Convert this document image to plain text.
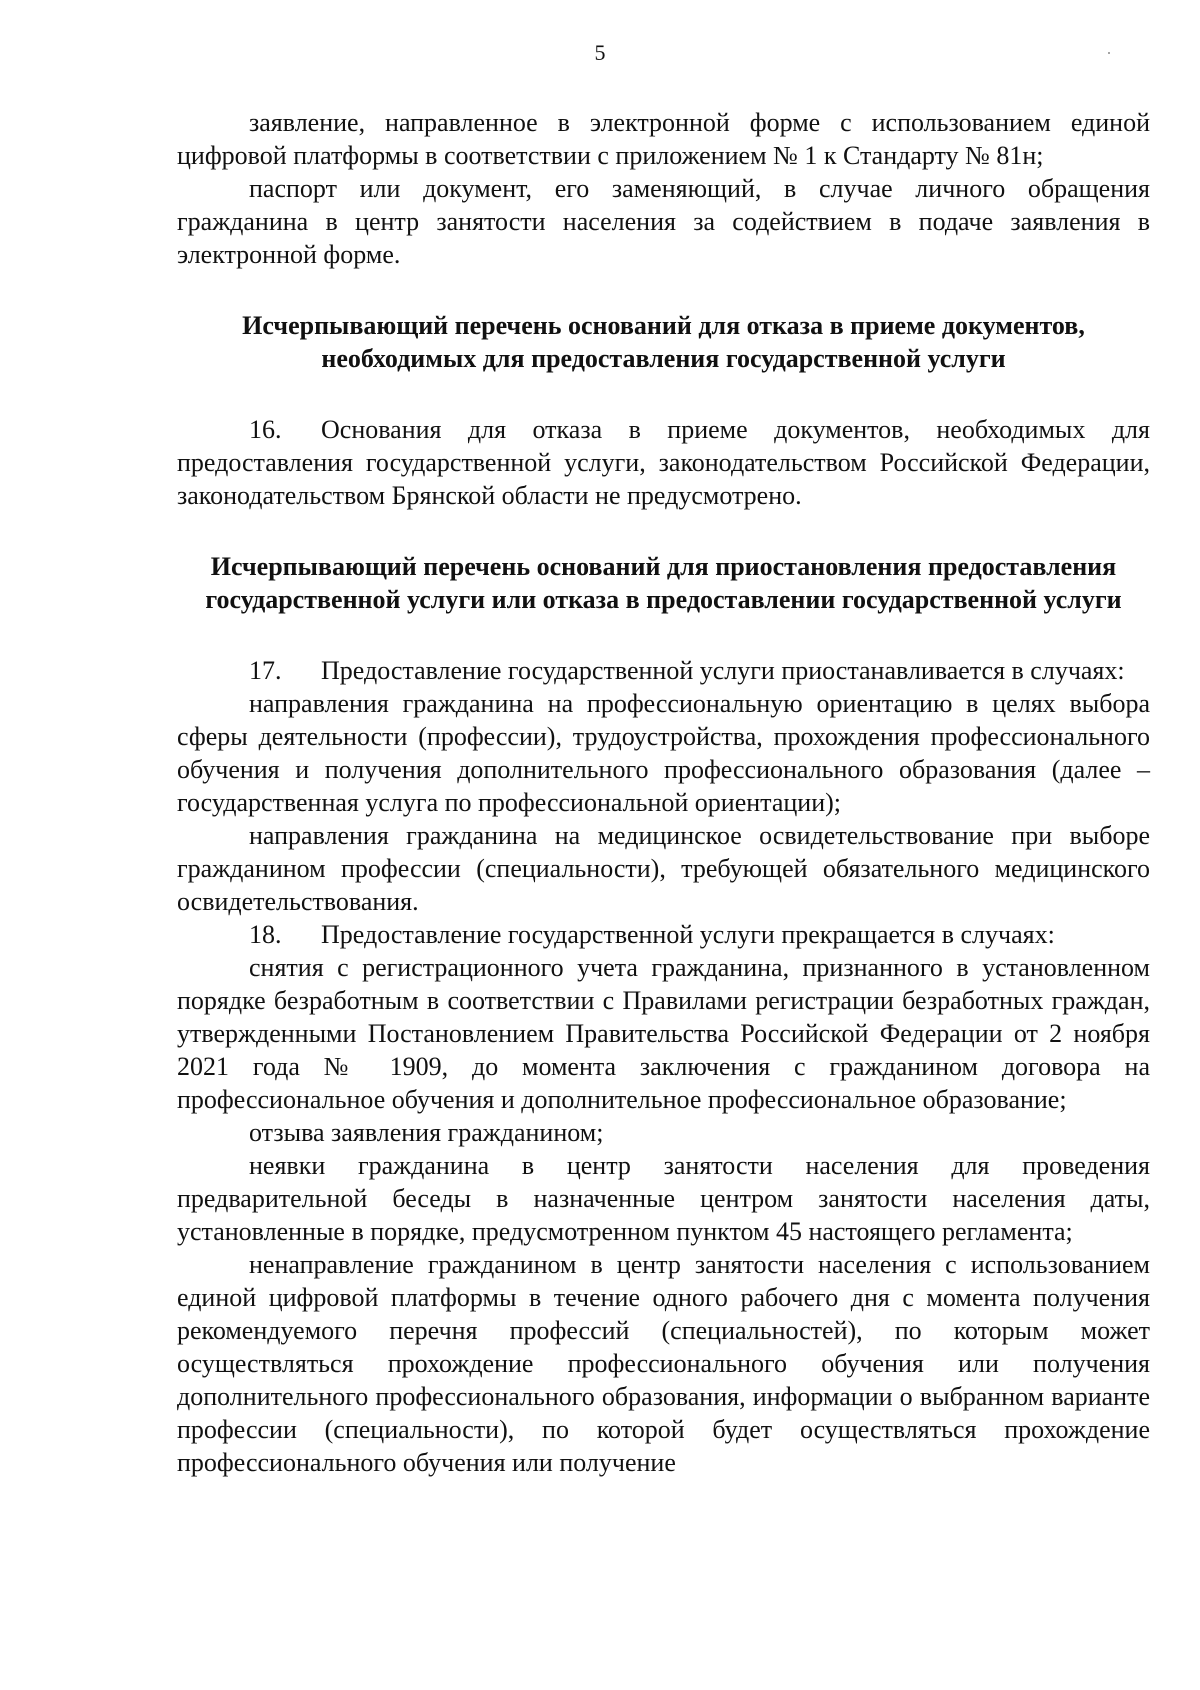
5

заявление, направленное в электронной форме с использованием единой цифровой платформы в соответствии с приложением № 1 к Стандарту № 81н;

паспорт или документ, его заменяющий, в случае личного обращения гражданина в центр занятости населения за содействием в подаче заявления в электронной форме.

Исчерпывающий перечень оснований для отказа в приеме документов, необходимых для предоставления государственной услуги

16. Основания для отказа в приеме документов, необходимых для предоставления государственной услуги, законодательством Российской Федерации, законодательством Брянской области не предусмотрено.

Исчерпывающий перечень оснований для приостановления предоставления государственной услуги или отказа в предоставлении государственной услуги

17. Предоставление государственной услуги приостанавливается в случаях:

направления гражданина на профессиональную ориентацию в целях выбора сферы деятельности (профессии), трудоустройства, прохождения профессионального обучения и получения дополнительного профессионального образования (далее – государственная услуга по профессиональной ориентации);

направления гражданина на медицинское освидетельствование при выборе гражданином профессии (специальности), требующей обязательного медицинского освидетельствования.

18. Предоставление государственной услуги прекращается в случаях:

снятия с регистрационного учета гражданина, признанного в установленном порядке безработным в соответствии с Правилами регистрации безработных граждан, утвержденными Постановлением Правительства Российской Федерации от 2 ноября 2021 года № 1909, до момента заключения с гражданином договора на профессиональное обучения и дополнительное профессиональное образование;

отзыва заявления гражданином;

неявки гражданина в центр занятости населения для проведения предварительной беседы в назначенные центром занятости населения даты, установленные в порядке, предусмотренном пунктом 45 настоящего регламента;

ненаправление гражданином в центр занятости населения с использованием единой цифровой платформы в течение одного рабочего дня с момента получения рекомендуемого перечня профессий (специальностей), по которым может осуществляться прохождение профессионального обучения или получения дополнительного профессионального образования, информации о выбранном варианте профессии (специальности), по которой будет осуществляться прохождение профессионального обучения или получение
